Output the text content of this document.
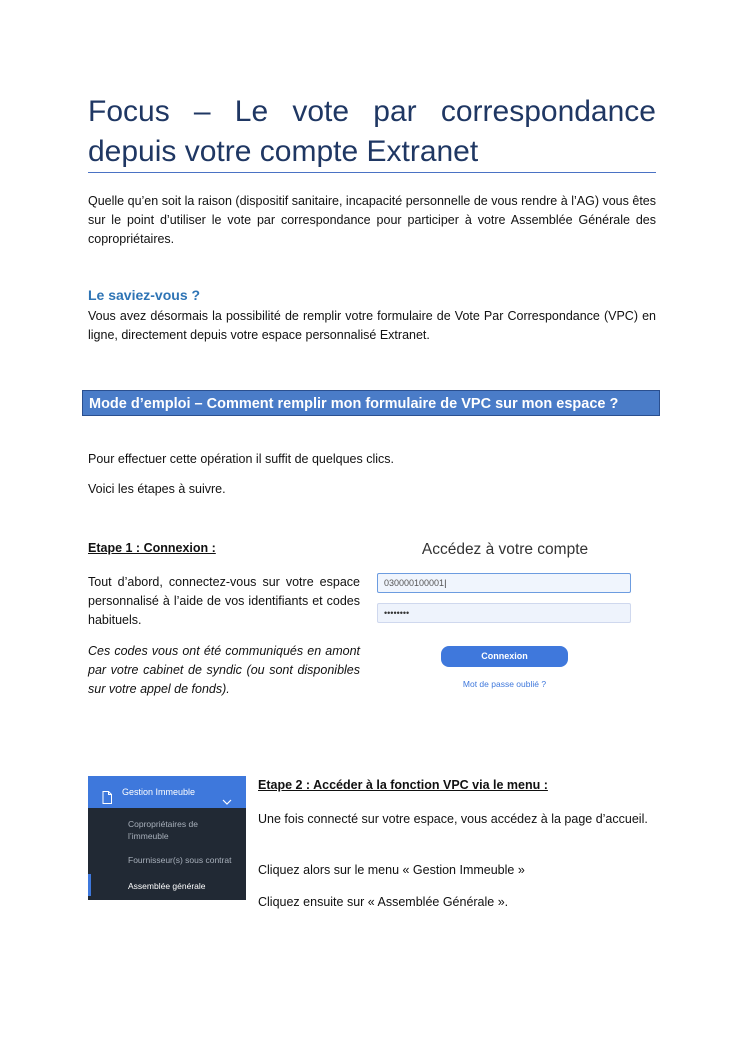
Focus – Le vote par correspondance
depuis votre compte Extranet
Quelle qu’en soit la raison (dispositif sanitaire, incapacité personnelle de vous rendre à l’AG) vous êtes sur le point d’utiliser le vote par correspondance pour participer à votre Assemblée Générale des copropriétaires.
Le saviez-vous ?
Vous avez désormais la possibilité de remplir votre formulaire de Vote Par Correspondance (VPC) en ligne, directement depuis votre espace personnalisé Extranet.
Mode d’emploi – Comment remplir mon formulaire de VPC sur mon espace ?
Pour effectuer cette opération il suffit de quelques clics.
Voici les étapes à suivre.
Etape 1 : Connexion :
Tout d’abord, connectez-vous sur votre espace personnalisé à l’aide de vos identifiants et codes habituels.
Ces codes vous ont été communiqués en amont par votre cabinet de syndic (ou sont disponibles sur votre appel de fonds).
Accédez à votre compte
030000100001|
••••••••
Connexion
Mot de passe oublié ?
Gestion Immeuble
Copropriétaires de l’immeuble
Fournisseur(s) sous contrat
Assemblée générale
Etape 2 : Accéder à la fonction VPC via le menu :
Une fois connecté sur votre espace, vous accédez à la page d’accueil.
Cliquez alors sur le menu « Gestion Immeuble »
Cliquez ensuite sur « Assemblée Générale ».
